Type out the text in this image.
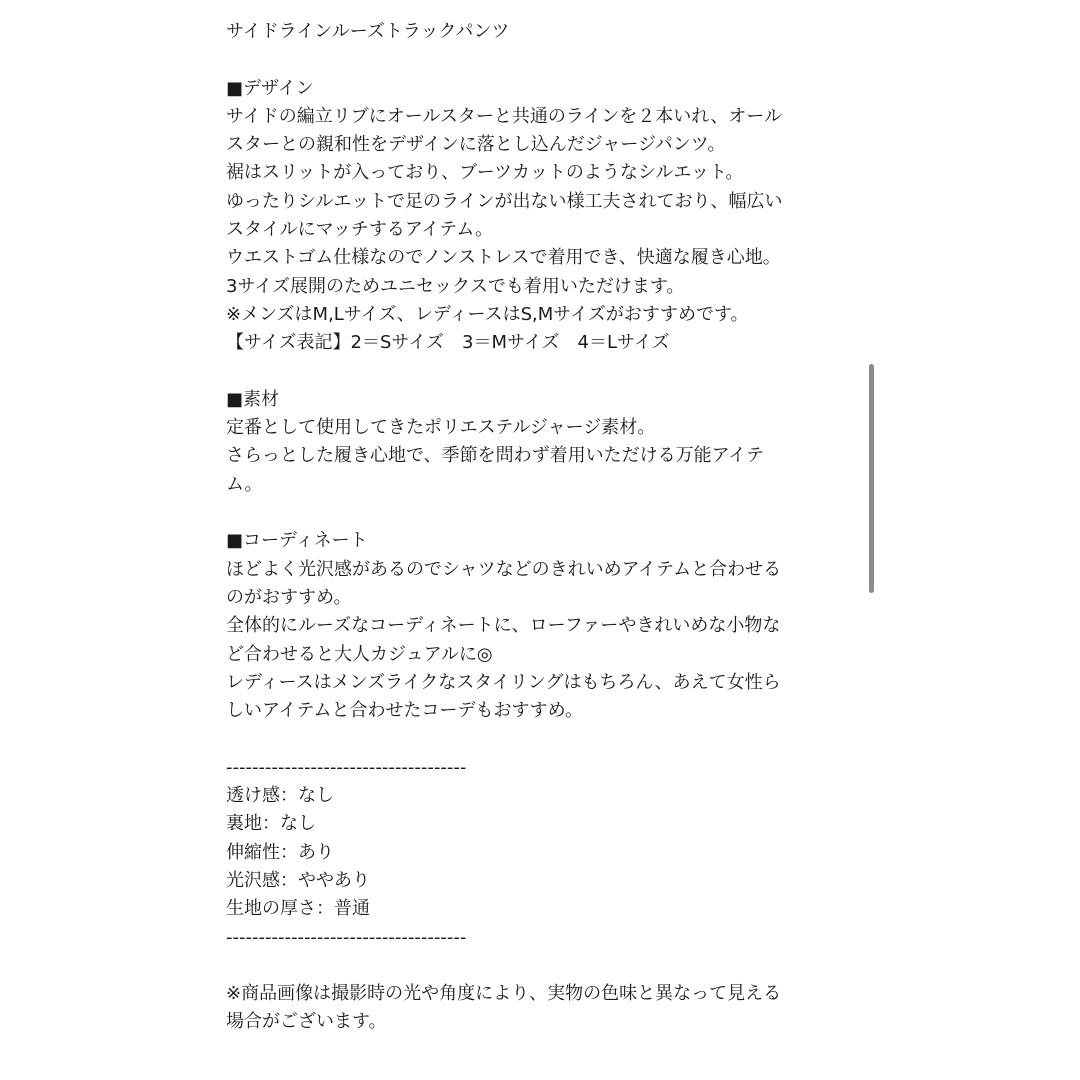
サイドラインルーズトラックパンツ
■デザイン
サイドの編立リブにオールスターと共通のラインを２本いれ、オール
スターとの親和性をデザインに落とし込んだジャージパンツ。
裾はスリットが入っており、ブーツカットのようなシルエット。
ゆったりシルエットで足のラインが出ない様工夫されており、幅広い
スタイルにマッチするアイテム。
ウエストゴム仕様なのでノンストレスで着用でき、快適な履き心地。
3サイズ展開のためユニセックスでも着用いただけます。
※メンズはM,Lサイズ、レディースはS,Mサイズがおすすめです。
【サイズ表記】2＝Sサイズ　3＝Mサイズ　4＝Lサイズ
■素材
定番として使用してきたポリエステルジャージ素材。
さらっとした履き心地で、季節を問わず着用いただける万能アイテ
ム。
■コーディネート
ほどよく光沢感があるのでシャツなどのきれいめアイテムと合わせる
のがおすすめ。
全体的にルーズなコーディネートに、ローファーやきれいめな小物な
ど合わせると大人カジュアルに◎
レディースはメンズライクなスタイリングはもちろん、あえて女性ら
しいアイテムと合わせたコーデもおすすめ。
-------------------------------------
透け感：なし
裏地：なし
伸縮性：あり
光沢感：ややあり
生地の厚さ：普通
-------------------------------------
※商品画像は撮影時の光や角度により、実物の色味と異なって見える
場合がございます。
